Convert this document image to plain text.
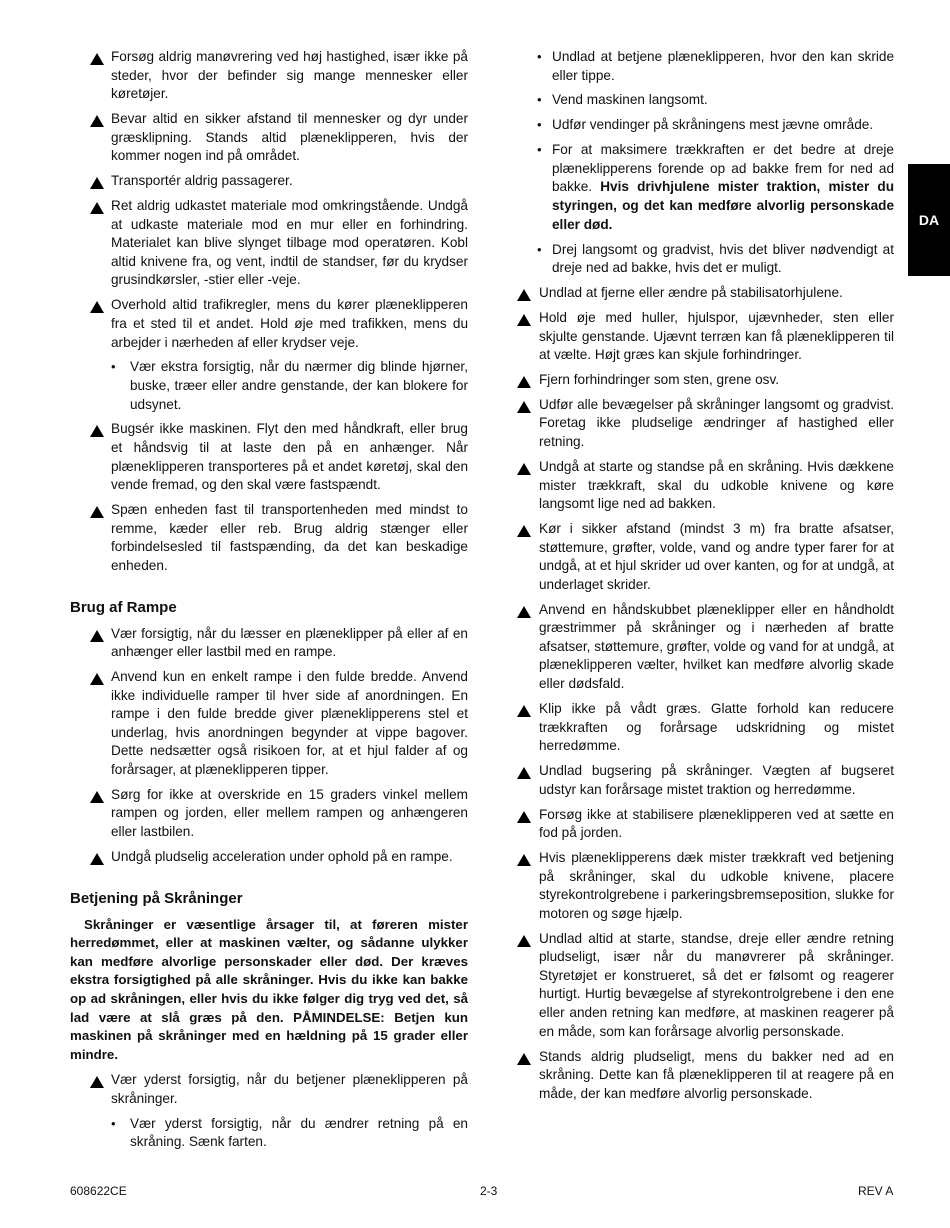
Forsøg aldrig manøvrering ved høj hastighed, især ikke på steder, hvor der befinder sig mange mennesker eller køretøjer.
Bevar altid en sikker afstand til mennesker og dyr under græsklipning. Stands altid plæneklipperen, hvis der kommer nogen ind på området.
Transportér aldrig passagerer.
Ret aldrig udkastet materiale mod omkringstående. Undgå at udkaste materiale mod en mur eller en forhindring. Materialet kan blive slynget tilbage mod operatøren. Kobl altid knivene fra, og vent, indtil de standser, før du krydser grusindkørsler, -stier eller -veje.
Overhold altid trafikregler, mens du kører plæneklipperen fra et sted til et andet. Hold øje med trafikken, mens du arbejder i nærheden af eller krydser veje.
• Vær ekstra forsigtig, når du nærmer dig blinde hjørner, buske, træer eller andre genstande, der kan blokere for udsynet.
Bugsér ikke maskinen. Flyt den med håndkraft, eller brug et håndsvig til at laste den på en anhænger. Når plæneklipperen transporteres på et andet køretøj, skal den vende fremad, og den skal være fastspændt.
Spæn enheden fast til transportenheden med mindst to remme, kæder eller reb. Brug aldrig stænger eller forbindelsesled til fastspænding, da det kan beskadige enheden.
Brug af Rampe
Vær forsigtig, når du læsser en plæneklipper på eller af en anhænger eller lastbil med en rampe.
Anvend kun en enkelt rampe i den fulde bredde. Anvend ikke individuelle ramper til hver side af anordningen. En rampe i den fulde bredde giver plæneklipperens stel et underlag, hvis anordningen begynder at vippe bagover. Dette nedsætter også risikoen for, at et hjul falder af og forårsager, at plæneklipperen tipper.
Sørg for ikke at overskride en 15 graders vinkel mellem rampen og jorden, eller mellem rampen og anhængeren eller lastbilen.
Undgå pludselig acceleration under ophold på en rampe.
Betjening på Skråninger

Skråninger er væsentlige årsager til, at føreren mister herredømmet, eller at maskinen vælter, og sådanne ulykker kan medføre alvorlige personskader eller død. Der kræves ekstra forsigtighed på alle skråninger. Hvis du ikke kan bakke op ad skråningen, eller hvis du ikke følger dig tryg ved det, så lad være at slå græs på den. PÅMINDELSE: Betjen kun maskinen på skråninger med en hældning på 15 grader eller mindre.

Vær yderst forsigtig, når du betjener plæneklipperen på skråninger.
• Vær yderst forsigtig, når du ændrer retning på en skråning. Sænk farten.
• Undlad at betjene plæneklipperen, hvor den kan skride eller tippe.
• Vend maskinen langsomt.
• Udfør vendinger på skråningens mest jævne område.
• For at maksimere trækkraften er det bedre at dreje plæneklipperens forende op ad bakke frem for ned ad bakke. Hvis drivhjulene mister traktion, mister du styringen, og det kan medføre alvorlig personskade eller død.
• Drej langsomt og gradvist, hvis det bliver nødvendigt at dreje ned ad bakke, hvis det er muligt.
Undlad at fjerne eller ændre på stabilisatorhjulene.
Hold øje med huller, hjulspor, ujævnheder, sten eller skjulte genstande. Ujævnt terræn kan få plæneklipperen til at vælte. Højt græs kan skjule forhindringer.
Fjern forhindringer som sten, grene osv.
Udfør alle bevægelser på skråninger langsomt og gradvist. Foretag ikke pludselige ændringer af hastighed eller retning.
Undgå at starte og standse på en skråning. Hvis dækkene mister trækkraft, skal du udkoble knivene og køre langsomt lige ned ad bakken.
Kør i sikker afstand (mindst 3 m) fra bratte afsatser, støttemure, grøfter, volde, vand og andre typer farer for at undgå, at et hjul skrider ud over kanten, og for at undgå, at underlaget skrider.
Anvend en håndskubbet plæneklipper eller en håndholdt græstrimmer på skråninger og i nærheden af bratte afsatser, støttemure, grøfter, volde og vand for at undgå, at plæneklipperen vælter, hvilket kan medføre alvorlig skade eller dødsfald.
Klip ikke på vådt græs. Glatte forhold kan reducere trækkraften og forårsage udskridning og mistet herredømme.
Undlad bugsering på skråninger. Vægten af bugseret udstyr kan forårsage mistet traktion og herredømme.
Forsøg ikke at stabilisere plæneklipperen ved at sætte en fod på jorden.
Hvis plæneklipperens dæk mister trækkraft ved betjening på skråninger, skal du udkoble knivene, placere styrekontrolgrebene i parkeringsbremseposition, slukke for motoren og søge hjælp.
Undlad altid at starte, standse, dreje eller ændre retning pludseligt, især når du manøvrerer på skråninger. Styretøjet er konstrueret, så det er følsomt og reagerer hurtigt. Hurtig bevægelse af styrekontrolgrebene i den ene eller anden retning kan medføre, at maskinen reagerer på en måde, som kan forårsage alvorlig personskade.
Stands aldrig pludseligt, mens du bakker ned ad en skråning. Dette kan få plæneklipperen til at reagere på en måde, der kan medføre alvorlig personskade.
DA
608622CE	2-3	REV A
